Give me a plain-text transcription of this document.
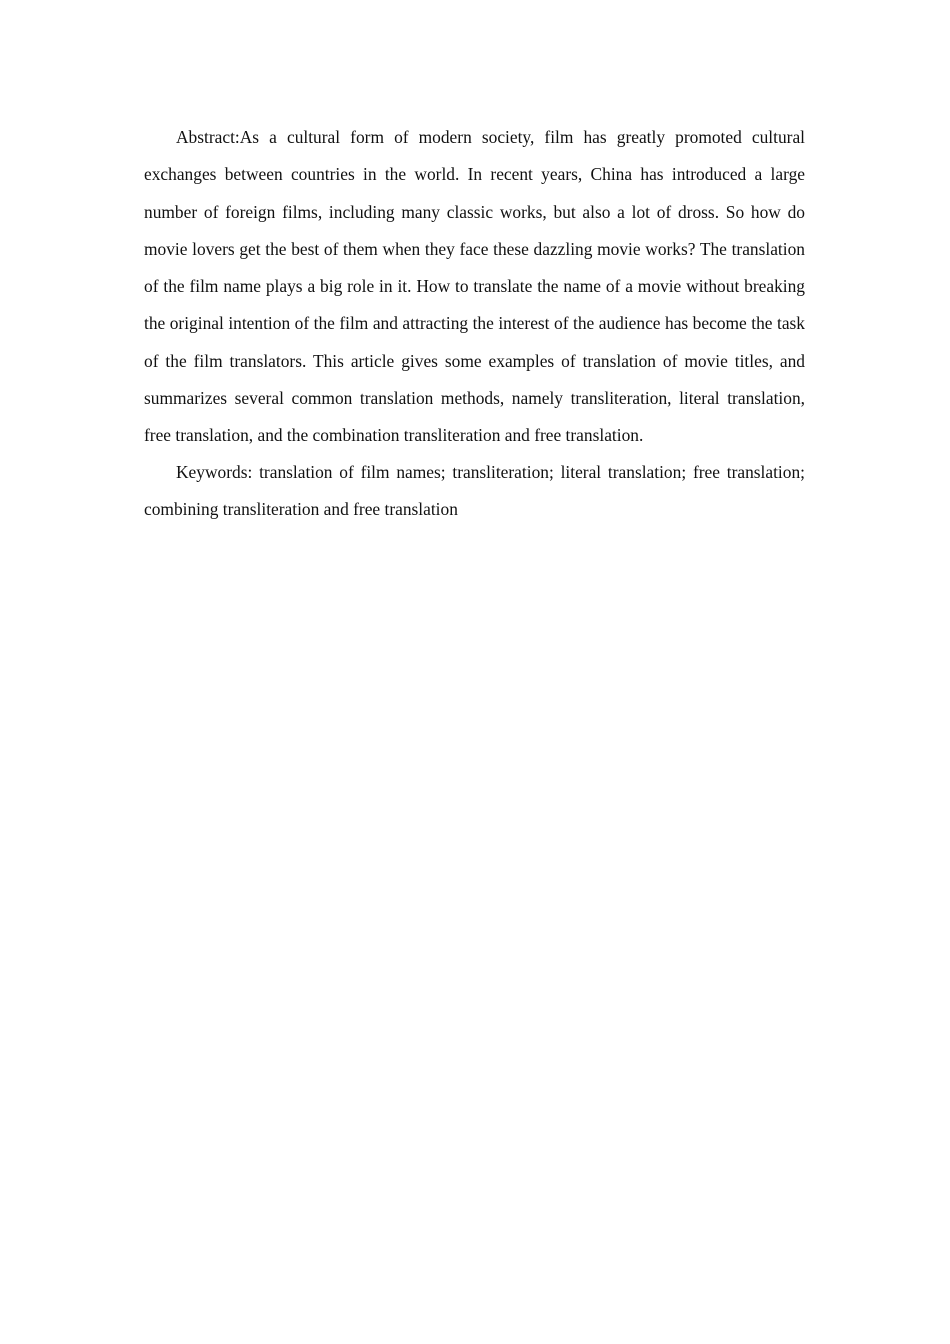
Abstract:As a cultural form of modern society, film has greatly promoted cultural exchanges between countries in the world. In recent years, China has introduced a large number of foreign films, including many classic works, but also a lot of dross. So how do movie lovers get the best of them when they face these dazzling movie works? The translation of the film name plays a big role in it. How to translate the name of a movie without breaking the original intention of the film and attracting the interest of the audience has become the task of the film translators. This article gives some examples of translation of movie titles, and summarizes several common translation methods, namely transliteration, literal translation, free translation, and the combination transliteration and free translation.

Keywords: translation of film names; transliteration; literal translation; free translation; combining transliteration and free translation
